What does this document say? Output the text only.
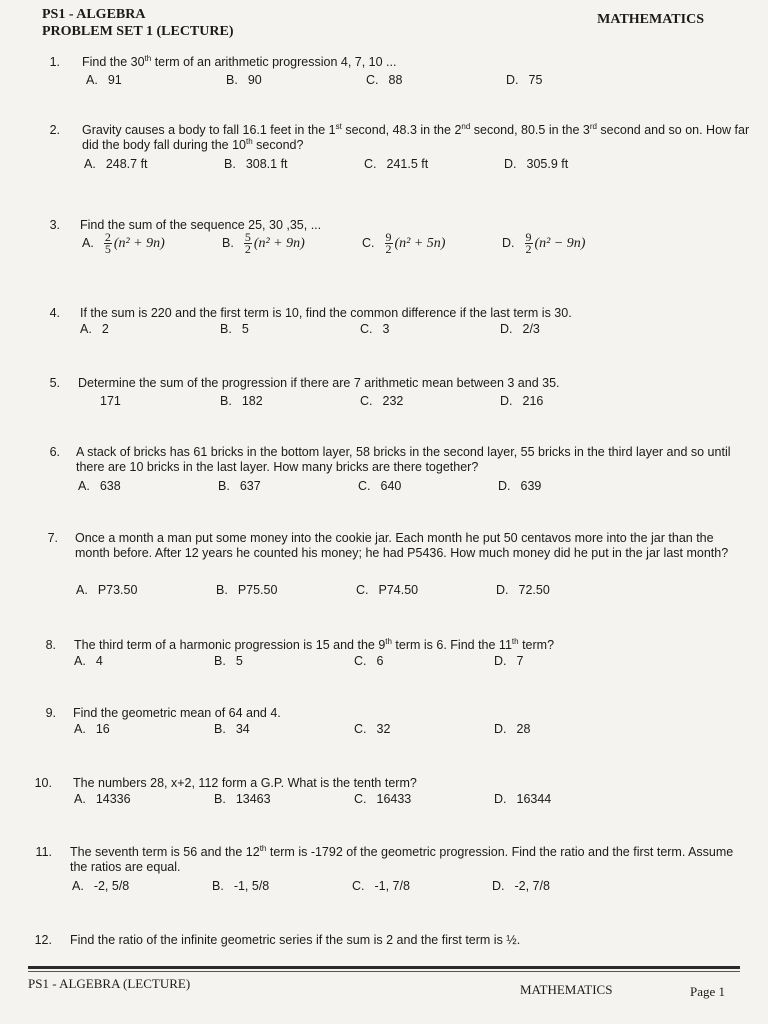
PS1 - ALGEBRA
PROBLEM SET 1 (LECTURE)
MATHEMATICS
1. Find the 30th term of an arithmetic progression 4, 7, 10 ...
A. 91	B. 90	C. 88	D. 75
2. Gravity causes a body to fall 16.1 feet in the 1st second, 48.3 in the 2nd second, 80.5 in the 3rd second and so on. How far did the body fall during the 10th second?
A. 248.7 ft	B. 308.1 ft	C. 241.5 ft	D. 305.9 ft
3. Find the sum of the sequence 25, 30 ,35, ...
A. $\frac{2}{5} (n^2 + 9n)$	B. $\frac{5}{2} (n^2 + 9n)$	C. $\frac{9}{2} (n^2 + 5n)$	D. $\frac{9}{2} (n^2 - 9n)$
4. If the sum is 220 and the first term is 10, find the common difference if the last term is 30.
A. 2	B. 5	C. 3	D. 2/3
5. Determine the sum of the progression if there are 7 arithmetic mean between 3 and 35.
171	B. 182	C. 232	D. 216
6. A stack of bricks has 61 bricks in the bottom layer, 58 bricks in the second layer, 55 bricks in the third layer and so until there are 10 bricks in the last layer. How many bricks are there together?
A. 638	B. 637	C. 640	D. 639
7. Once a month a man put some money into the cookie jar. Each month he put 50 centavos more into the jar than the month before. After 12 years he counted his money; he had P5436. How much money did he put in the jar last month?
A. P73.50	B. P75.50	C. P74.50	D. 72.50
8. The third term of a harmonic progression is 15 and the 9th term is 6. Find the 11th term?
A. 4	B. 5	C. 6	D. 7
9. Find the geometric mean of 64 and 4.
A. 16	B. 34	C. 32	D. 28
10. The numbers 28, x+2, 112 form a G.P. What is the tenth term?
A. 14336	B. 13463	C. 16433	D. 16344
11. The seventh term is 56 and the 12th term is -1792 of the geometric progression. Find the ratio and the first term. Assume the ratios are equal.
A. -2, 5/8	B. -1, 5/8	C. -1, 7/8	D. -2, 7/8
12. Find the ratio of the infinite geometric series if the sum is 2 and the first term is ½.
PS1 - ALGEBRA (LECTURE)	MATHEMATICS	Page 1
